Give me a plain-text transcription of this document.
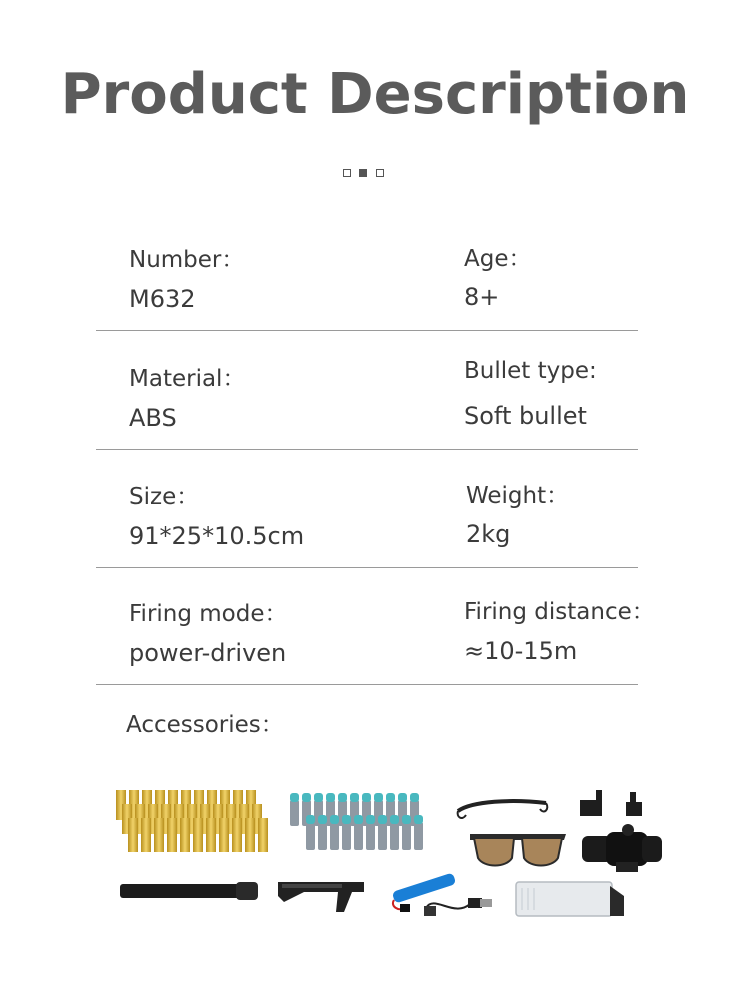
Product Description
Number：
M632
Age：
8+
Material：
ABS
Bullet type:
Soft bullet
Size：
91*25*10.5cm
Weight：
2kg
Firing mode：
power-driven
Firing distance：
≈10-15m
Accessories：
